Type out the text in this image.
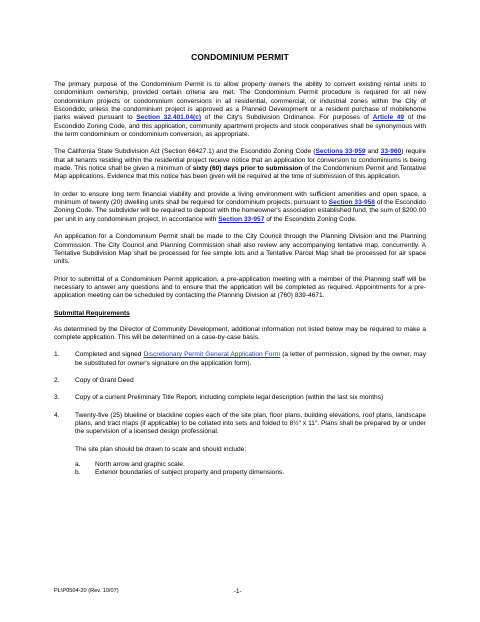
CONDOMINIUM PERMIT

The primary purpose of the Condominium Permit is to allow property owners the ability to convert existing rental units to condominium ownership, provided certain criteria are met. The Condominium Permit procedure is required for all new condominium projects or condominium conversions in all residential, commercial, or industrial zones within the City of Escondido, unless the condominium project is approved as a Planned Development or a resident purchase of mobilehome parks waived pursuant to Section 32.401.04(c) of the City's Subdivision Ordinance. For purposes of Article 49 of the Escondido Zoning Code, and this application, community apartment projects and stock cooperatives shall be synonymous with the term condominium or condominium conversion, as appropriate.

The California State Subdivision Act (Section 66427.1) and the Escondido Zoning Code (Sections 33-959 and 33-960) require that all tenants residing within the residential project receive notice that an application for conversion to condominiums is being made. This notice shall be given a minimum of sixty (60) days prior to submission of the Condominium Permit and Tentative Map applications. Evidence that this notice has been given will be required at the time of submission of this application.

In order to ensure long term financial viability and provide a living environment with sufficient amenities and open space, a minimum of twenty (20) dwelling units shall be required for condominium projects, pursuant to Section 33-958 of the Escondido Zoning Code. The subdivider will be required to deposit with the homeowner's association established fund, the sum of $200.00 per unit in any condominium project, in accordance with Section 33-957 of the Escondido Zoning Code.

An application for a Condominium Permit shall be made to the City Council through the Planning Division and the Planning Commission. The City Council and Planning Commission shall also review any accompanying tentative map, concurrently. A Tentative Subdivision Map shall be processed for fee simple lots and a Tentative Parcel Map shall be processed for air space units.

Prior to submittal of a Condominium Permit application, a pre-application meeting with a member of the Planning staff will be necessary to answer any questions and to ensure that the application will be completed as required. Appointments for a pre-application meeting can be scheduled by contacting the Planning Division at (760) 839-4671.

Submittal Requirements

As determined by the Director of Community Development, additional information not listed below may be required to make a complete application. This will be determined on a case-by-case basis.

1.	Completed and signed Discretionary Permit General Application Form (a letter of permission, signed by the owner, may be substituted for owner's signature on the application form).
2.	Copy of Grant Deed
3.	Copy of a current Preliminary Title Report, including complete legal description (within the last six months)
4.	Twenty-five (25) blueline or blackline copies each of the site plan, floor plans, building elevations, roof plans, landscape plans, and tract maps (if applicable) to be collated into sets and folded to 8½" x 11". Plans shall be prepared by or under the supervision of a licensed design professional.

The site plan should be drawn to scale and should include:

a.	North arrow and graphic scale.
b.	Exterior boundaries of subject property and property dimensions.
PL\P0504-20 (Rev. 10/07)	-1-
